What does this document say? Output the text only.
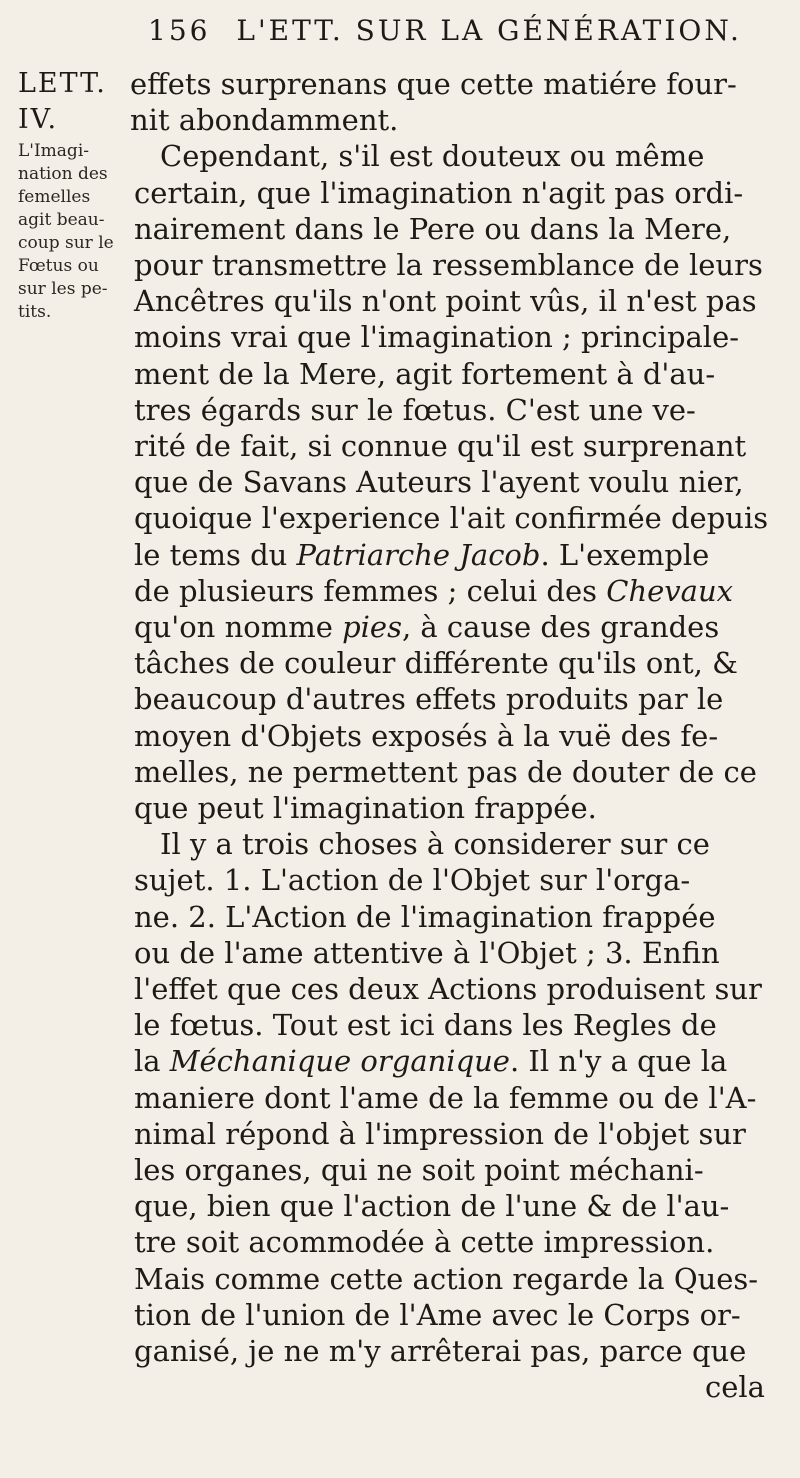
156 L'ETT. SUR LA GÉNÉRATION.
LETT.
IV.
L'Imagi-
nation des
femelles
agit beau-
coup sur le
Fœtus ou
sur les pe-
tits.
effets surprenans que cette matiére four-
nit abondamment.
Cependant, s'il est douteux ou même
certain, que l'imagination n'agit pas ordi-
nairement dans le Pere ou dans la Mere,
pour transmettre la ressemblance de leurs
Ancêtres qu'ils n'ont point vûs, il n'est pas
moins vrai que l'imagination ; principale-
ment de la Mere, agit fortement à d'au-
tres égards sur le fœtus. C'est une ve-
rité de fait, si connue qu'il est surprenant
que de Savans Auteurs l'ayent voulu nier,
quoique l'experience l'ait confirmée depuis
le tems du Patriarche Jacob. L'exemple
de plusieurs femmes ; celui des Chevaux
qu'on nomme pies, à cause des grandes
tâches de couleur différente qu'ils ont, &
beaucoup d'autres effets produits par le
moyen d'Objets exposés à la vuë des fe-
melles, ne permettent pas de douter de ce
que peut l'imagination frappée.
Il y a trois choses à considerer sur ce
sujet. 1. L'action de l'Objet sur l'orga-
ne. 2. L'Action de l'imagination frappée
ou de l'ame attentive à l'Objet ; 3. Enfin
l'effet que ces deux Actions produisent sur
le fœtus. Tout est ici dans les Regles de
la Méchanique organique. Il n'y a que la
maniere dont l'ame de la femme ou de l'A-
nimal répond à l'impression de l'objet sur
les organes, qui ne soit point méchani-
que, bien que l'action de l'une & de l'au-
tre soit acommodée à cette impression.
Mais comme cette action regarde la Ques-
tion de l'union de l'Ame avec le Corps or-
ganisé, je ne m'y arrêterai pas, parce que
cela
